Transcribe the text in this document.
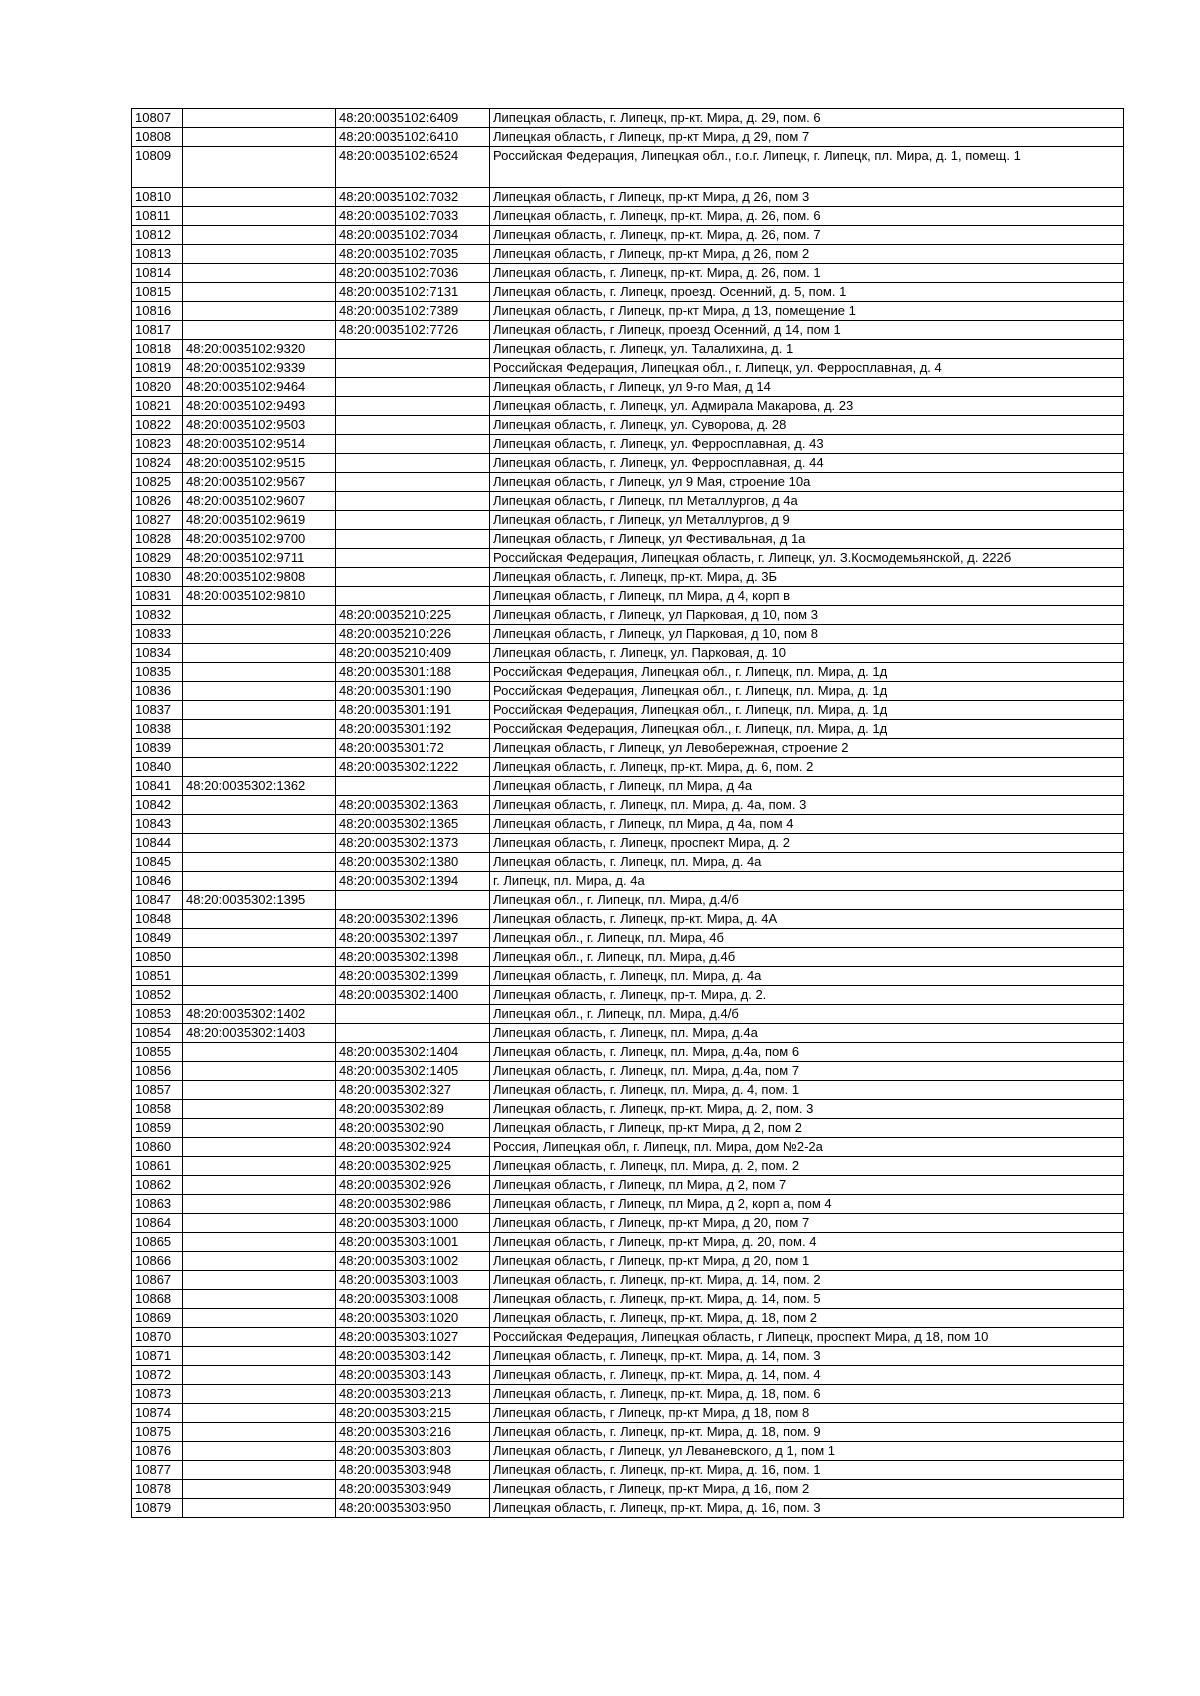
10807		48:20:0035102:6409	Липецкая область, г. Липецк, пр-кт. Мира, д. 29, пом. 6
10808		48:20:0035102:6410	Липецкая область, г Липецк, пр-кт Мира, д 29, пом 7
10809		48:20:0035102:6524	Российская Федерация, Липецкая обл., г.о.г. Липецк, г. Липецк, пл. Мира, д. 1, помещ. 1
10810		48:20:0035102:7032	Липецкая область, г Липецк, пр-кт Мира, д 26, пом 3
10811		48:20:0035102:7033	Липецкая область, г. Липецк, пр-кт. Мира, д. 26, пом. 6
10812		48:20:0035102:7034	Липецкая область, г. Липецк, пр-кт. Мира, д. 26, пом. 7
10813		48:20:0035102:7035	Липецкая область, г Липецк, пр-кт Мира, д 26, пом 2
10814		48:20:0035102:7036	Липецкая область, г. Липецк, пр-кт. Мира, д. 26, пом. 1
10815		48:20:0035102:7131	Липецкая область, г. Липецк, проезд. Осенний, д. 5, пом. 1
10816		48:20:0035102:7389	Липецкая область, г Липецк, пр-кт Мира, д 13, помещение 1
10817		48:20:0035102:7726	Липецкая область, г Липецк, проезд Осенний, д 14, пом 1
10818	48:20:0035102:9320		Липецкая область, г. Липецк, ул. Талалихина, д. 1
10819	48:20:0035102:9339		Российская Федерация, Липецкая обл., г. Липецк, ул. Ферросплавная, д. 4
10820	48:20:0035102:9464		Липецкая область, г Липецк, ул 9-го Мая, д 14
10821	48:20:0035102:9493		Липецкая область, г. Липецк, ул. Адмирала Макарова, д. 23
10822	48:20:0035102:9503		Липецкая область, г. Липецк, ул. Суворова, д. 28
10823	48:20:0035102:9514		Липецкая область, г. Липецк, ул. Ферросплавная, д. 43
10824	48:20:0035102:9515		Липецкая область, г. Липецк, ул. Ферросплавная, д. 44
10825	48:20:0035102:9567		Липецкая область, г Липецк, ул 9 Мая, строение 10а
10826	48:20:0035102:9607		Липецкая область, г Липецк, пл Металлургов, д 4а
10827	48:20:0035102:9619		Липецкая область, г Липецк, ул Металлургов, д 9
10828	48:20:0035102:9700		Липецкая область, г Липецк, ул Фестивальная, д 1а
10829	48:20:0035102:9711		Российская Федерация, Липецкая область, г. Липецк, ул. З.Космодемьянской, д. 222б
10830	48:20:0035102:9808		Липецкая область, г. Липецк, пр-кт. Мира, д. 3Б
10831	48:20:0035102:9810		Липецкая область, г Липецк, пл Мира, д 4, корп в
10832		48:20:0035210:225	Липецкая область, г Липецк, ул Парковая, д 10, пом 3
10833		48:20:0035210:226	Липецкая область, г Липецк, ул Парковая, д 10, пом 8
10834		48:20:0035210:409	Липецкая область, г. Липецк, ул. Парковая, д. 10
10835		48:20:0035301:188	Российская Федерация, Липецкая обл., г. Липецк, пл. Мира, д. 1д
10836		48:20:0035301:190	Российская Федерация, Липецкая обл., г. Липецк, пл. Мира, д. 1д
10837		48:20:0035301:191	Российская Федерация, Липецкая обл., г. Липецк, пл. Мира, д. 1д
10838		48:20:0035301:192	Российская Федерация, Липецкая обл., г. Липецк, пл. Мира, д. 1д
10839		48:20:0035301:72	Липецкая область, г Липецк, ул Левобережная, строение 2
10840		48:20:0035302:1222	Липецкая область, г. Липецк, пр-кт. Мира, д. 6, пом. 2
10841	48:20:0035302:1362		Липецкая область, г Липецк, пл Мира, д 4а
10842		48:20:0035302:1363	Липецкая область, г. Липецк, пл. Мира, д. 4а, пом. 3
10843		48:20:0035302:1365	Липецкая область, г Липецк, пл Мира, д 4а, пом 4
10844		48:20:0035302:1373	Липецкая область, г. Липецк, проспект Мира, д. 2
10845		48:20:0035302:1380	Липецкая область, г. Липецк, пл. Мира, д. 4а
10846		48:20:0035302:1394	г. Липецк, пл. Мира, д. 4а
10847	48:20:0035302:1395		Липецкая обл., г. Липецк, пл. Мира, д.4/б
10848		48:20:0035302:1396	Липецкая область, г. Липецк, пр-кт. Мира, д. 4А
10849		48:20:0035302:1397	Липецкая обл., г. Липецк, пл. Мира, 4б
10850		48:20:0035302:1398	Липецкая обл., г. Липецк, пл. Мира, д.4б
10851		48:20:0035302:1399	Липецкая область, г. Липецк, пл. Мира, д. 4а
10852		48:20:0035302:1400	Липецкая область, г. Липецк, пр-т. Мира, д. 2.
10853	48:20:0035302:1402		Липецкая обл., г. Липецк, пл. Мира, д.4/б
10854	48:20:0035302:1403		Липецкая область, г. Липецк, пл. Мира, д.4а
10855		48:20:0035302:1404	Липецкая область, г. Липецк, пл. Мира, д.4а, пом 6
10856		48:20:0035302:1405	Липецкая область, г. Липецк, пл. Мира, д.4а, пом 7
10857		48:20:0035302:327	Липецкая область, г. Липецк, пл. Мира, д. 4, пом. 1
10858		48:20:0035302:89	Липецкая область, г. Липецк, пр-кт. Мира, д. 2, пом. 3
10859		48:20:0035302:90	Липецкая область, г Липецк, пр-кт Мира, д 2, пом 2
10860		48:20:0035302:924	Россия, Липецкая обл, г. Липецк, пл. Мира, дом №2-2а
10861		48:20:0035302:925	Липецкая область, г. Липецк, пл. Мира, д. 2, пом. 2
10862		48:20:0035302:926	Липецкая область, г Липецк, пл Мира, д 2, пом 7
10863		48:20:0035302:986	Липецкая область, г Липецк, пл Мира, д 2, корп а, пом 4
10864		48:20:0035303:1000	Липецкая область, г Липецк, пр-кт Мира, д 20, пом 7
10865		48:20:0035303:1001	Липецкая область, г Липецк, пр-кт Мира, д. 20, пом. 4
10866		48:20:0035303:1002	Липецкая область, г Липецк, пр-кт Мира, д 20, пом 1
10867		48:20:0035303:1003	Липецкая область, г. Липецк, пр-кт. Мира, д. 14, пом. 2
10868		48:20:0035303:1008	Липецкая область, г. Липецк, пр-кт. Мира, д. 14, пом. 5
10869		48:20:0035303:1020	Липецкая область, г. Липецк, пр-кт. Мира, д. 18, пом 2
10870		48:20:0035303:1027	Российская Федерация, Липецкая область, г Липецк, проспект Мира, д 18, пом 10
10871		48:20:0035303:142	Липецкая область, г. Липецк, пр-кт. Мира, д. 14, пом. 3
10872		48:20:0035303:143	Липецкая область, г. Липецк, пр-кт. Мира, д. 14, пом. 4
10873		48:20:0035303:213	Липецкая область, г. Липецк, пр-кт. Мира, д. 18, пом. 6
10874		48:20:0035303:215	Липецкая область, г Липецк, пр-кт Мира, д 18, пом 8
10875		48:20:0035303:216	Липецкая область, г. Липецк, пр-кт. Мира, д. 18, пом. 9
10876		48:20:0035303:803	Липецкая область, г Липецк, ул Леваневского, д 1, пом 1
10877		48:20:0035303:948	Липецкая область, г. Липецк, пр-кт. Мира, д. 16, пом. 1
10878		48:20:0035303:949	Липецкая область, г Липецк, пр-кт Мира, д 16, пом 2
10879		48:20:0035303:950	Липецкая область, г. Липецк, пр-кт. Мира, д. 16, пом. 3
